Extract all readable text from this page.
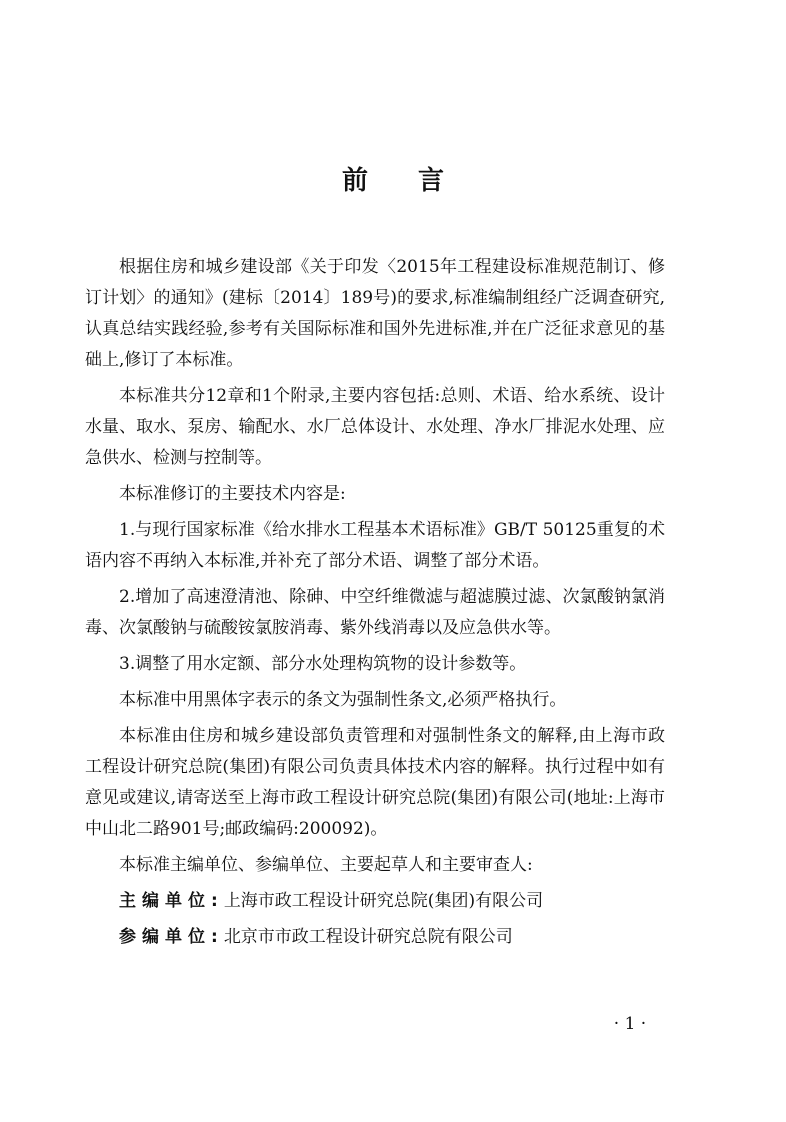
前 言

根据住房和城乡建设部《关于印发〈2015年工程建设标准规范制订、修订计划〉的通知》(建标〔2014〕189号)的要求,标准编制组经广泛调查研究,认真总结实践经验,参考有关国际标准和国外先进标准,并在广泛征求意见的基础上,修订了本标准。

本标准共分12章和1个附录,主要内容包括:总则、术语、给水系统、设计水量、取水、泵房、输配水、水厂总体设计、水处理、净水厂排泥水处理、应急供水、检测与控制等。

本标准修订的主要技术内容是:

1.与现行国家标准《给水排水工程基本术语标准》GB/T 50125重复的术语内容不再纳入本标准,并补充了部分术语、调整了部分术语。

2.增加了高速澄清池、除砷、中空纤维微滤与超滤膜过滤、次氯酸钠氯消毒、次氯酸钠与硫酸铵氯胺消毒、紫外线消毒以及应急供水等。

3.调整了用水定额、部分水处理构筑物的设计参数等。

本标准中用黑体字表示的条文为强制性条文,必须严格执行。

本标准由住房和城乡建设部负责管理和对强制性条文的解释,由上海市政工程设计研究总院(集团)有限公司负责具体技术内容的解释。执行过程中如有意见或建议,请寄送至上海市政工程设计研究总院(集团)有限公司(地址:上海市中山北二路901号;邮政编码:200092)。

本标准主编单位、参编单位、主要起草人和主要审查人:

主编单位:上海市政工程设计研究总院(集团)有限公司

参编单位:北京市市政工程设计研究总院有限公司

· 1 ·
